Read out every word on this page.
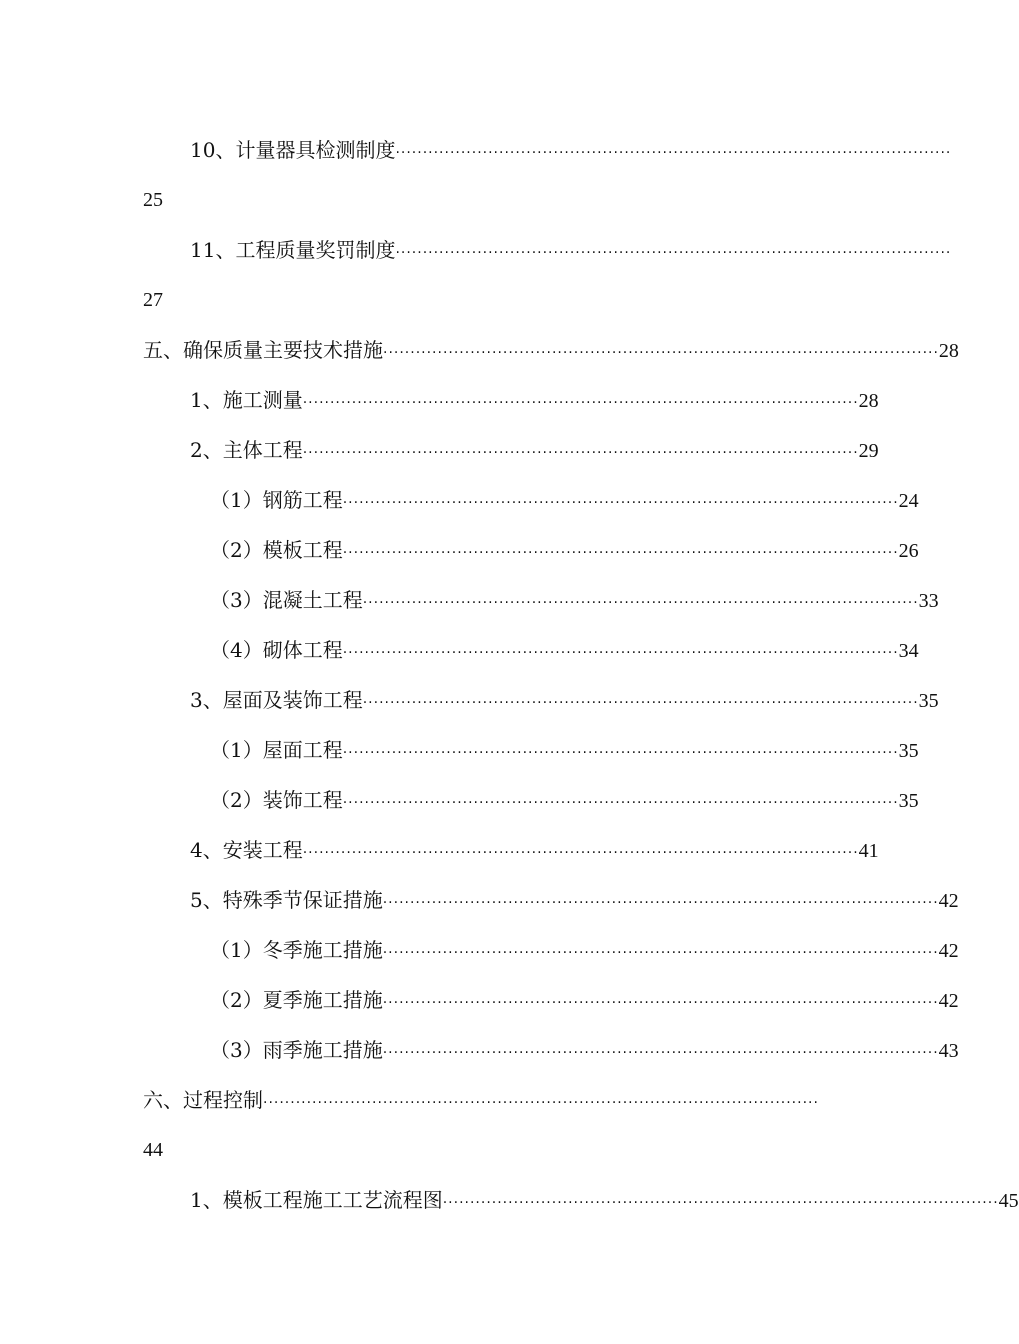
10、计量器具检测制度 ······································································································
25
11、工程质量奖罚制度 ······································································································
27
五、确保质量主要技术措施 ······································································································ 28
1、施工测量 ······································································································ 28
2、主体工程 ······································································································ 29
（1）钢筋工程 ······································································································ 24
（2）模板工程 ······································································································ 26
（3）混凝土工程 ······································································································ 33
（4）砌体工程 ······································································································ 34
3、屋面及装饰工程 ······································································································ 35
（1）屋面工程 ······································································································ 35
（2）装饰工程 ······································································································ 35
4、安装工程 ······································································································ 41
5、特殊季节保证措施 ······································································································ 42
（1）冬季施工措施 ······································································································ 42
（2）夏季施工措施 ······································································································ 42
（3）雨季施工措施 ······································································································ 43
六、过程控制 ······································································································
44
1、模板工程施工工艺流程图 ······································································································ 45
